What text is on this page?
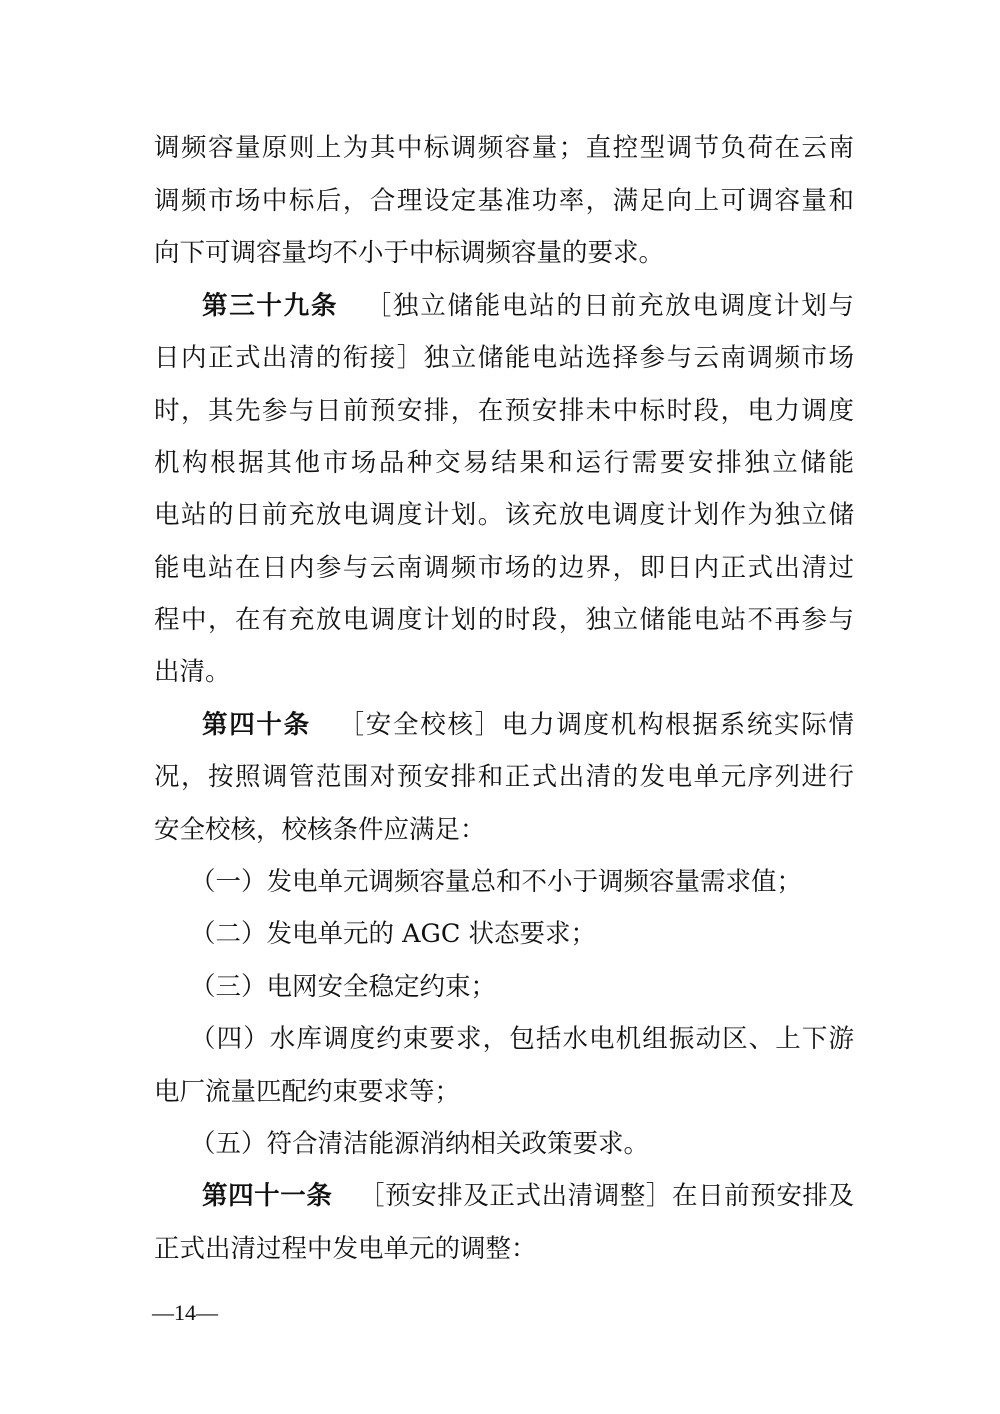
调频容量原则上为其中标调频容量；直控型调节负荷在云南
调频市场中标后，合理设定基准功率，满足向上可调容量和
向下可调容量均不小于中标调频容量的要求。
第三十九条 ［独立储能电站的日前充放电调度计划与
日内正式出清的衔接］独立储能电站选择参与云南调频市场
时，其先参与日前预安排，在预安排未中标时段，电力调度
机构根据其他市场品种交易结果和运行需要安排独立储能
电站的日前充放电调度计划。该充放电调度计划作为独立储
能电站在日内参与云南调频市场的边界，即日内正式出清过
程中，在有充放电调度计划的时段，独立储能电站不再参与
出清。
第四十条 ［安全校核］电力调度机构根据系统实际情
况，按照调管范围对预安排和正式出清的发电单元序列进行
安全校核，校核条件应满足：
（一）发电单元调频容量总和不小于调频容量需求值；
（二）发电单元的 AGC 状态要求；
（三）电网安全稳定约束；
（四）水库调度约束要求，包括水电机组振动区、上下游
电厂流量匹配约束要求等；
（五）符合清洁能源消纳相关政策要求。
第四十一条 ［预安排及正式出清调整］在日前预安排及
正式出清过程中发电单元的调整：
—14—
